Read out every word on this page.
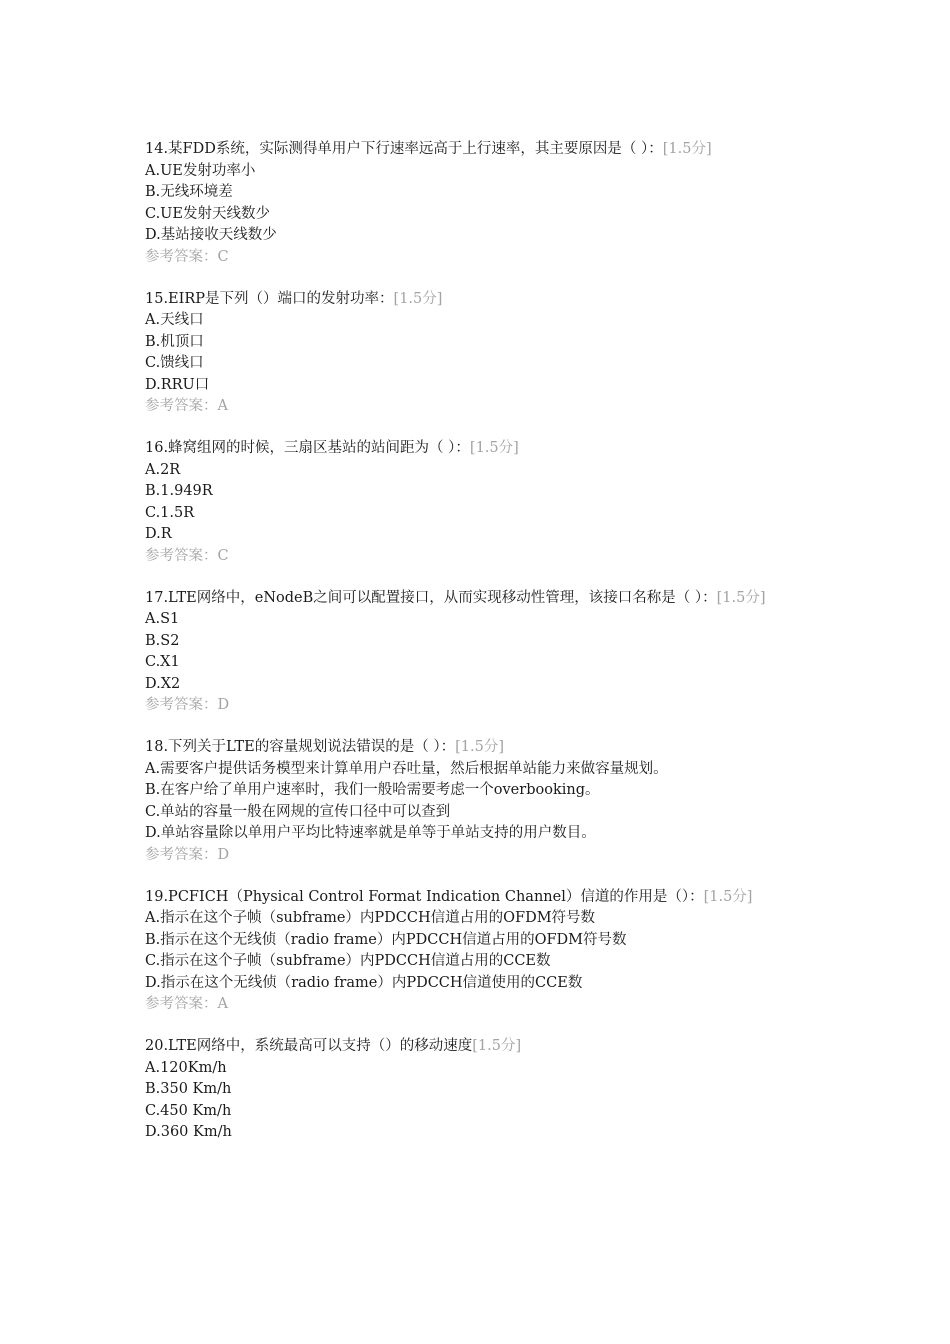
14.某FDD系统，实际测得单用户下行速率远高于上行速率，其主要原因是（ ）：[1.5分]
A.UE发射功率小
B.无线环境差
C.UE发射天线数少
D.基站接收天线数少
参考答案：C
15.EIRP是下列（）端口的发射功率：[1.5分]
A.天线口
B.机顶口
C.馈线口
D.RRU口
参考答案：A
16.蜂窝组网的时候，三扇区基站的站间距为（ ）：[1.5分]
A.2R
B.1.949R
C.1.5R
D.R
参考答案：C
17.LTE网络中，eNodeB之间可以配置接口，从而实现移动性管理，该接口名称是（ ）：[1.5分]
A.S1
B.S2
C.X1
D.X2
参考答案：D
18.下列关于LTE的容量规划说法错误的是（ ）：[1.5分]
A.需要客户提供话务模型来计算单用户吞吐量，然后根据单站能力来做容量规划。
B.在客户给了单用户速率时，我们一般哈需要考虑一个overbooking。
C.单站的容量一般在网规的宣传口径中可以查到
D.单站容量除以单用户平均比特速率就是单等于单站支持的用户数目。
参考答案：D
19.PCFICH（Physical Control Format Indication Channel）信道的作用是（）：[1.5分]
A.指示在这个子帧（subframe）内PDCCH信道占用的OFDM符号数
B.指示在这个无线侦（radio frame）内PDCCH信道占用的OFDM符号数
C.指示在这个子帧（subframe）内PDCCH信道占用的CCE数
D.指示在这个无线侦（radio frame）内PDCCH信道使用的CCE数
参考答案：A
20.LTE网络中，系统最高可以支持（）的移动速度[1.5分]
A.120Km/h
B.350 Km/h
C.450 Km/h
D.360 Km/h
